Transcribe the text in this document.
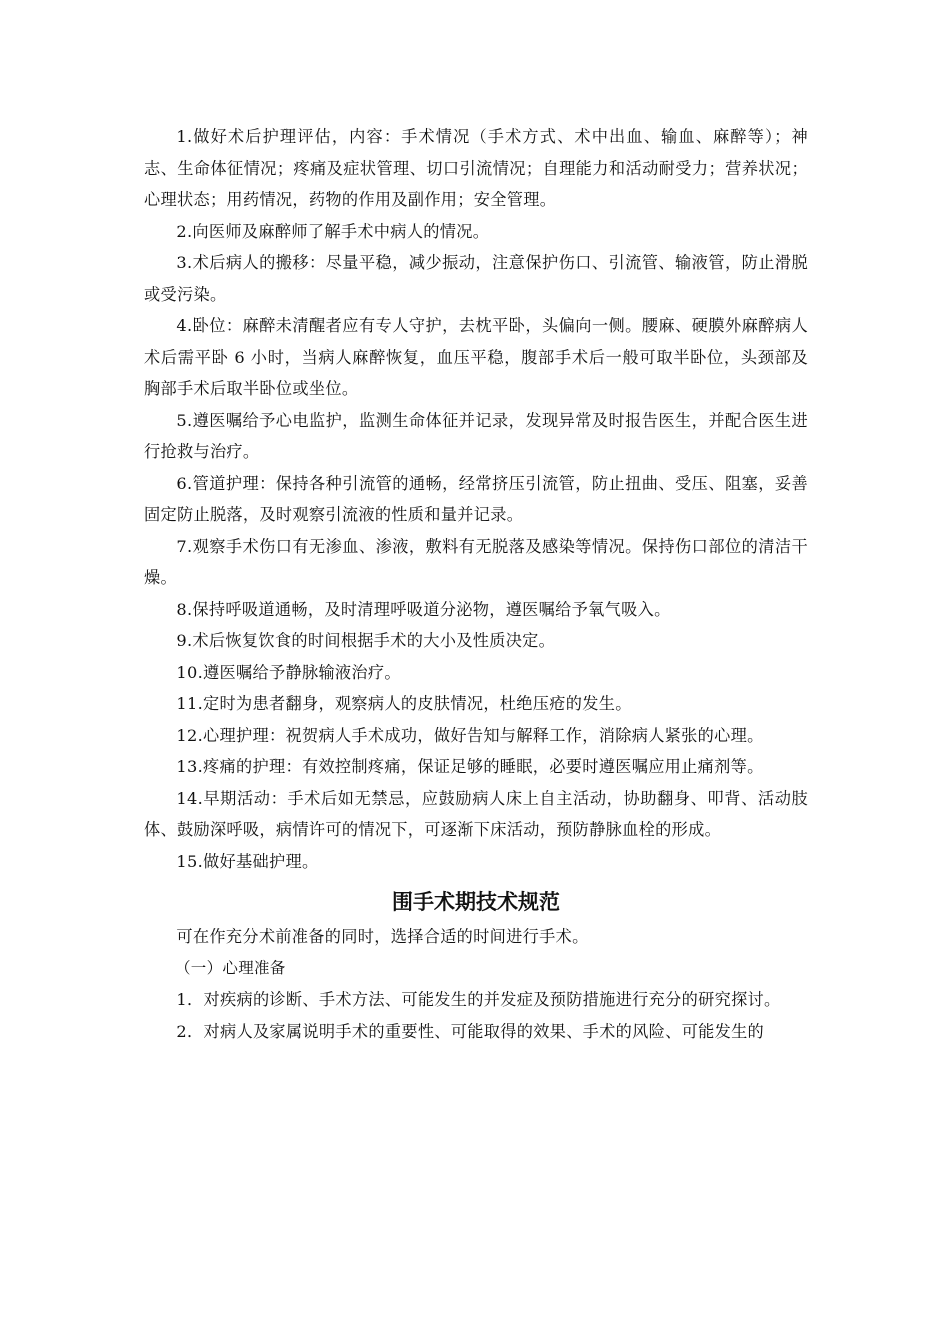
1.做好术后护理评估，内容：手术情况（手术方式、术中出血、输血、麻醉等）；神志、生命体征情况；疼痛及症状管理、切口引流情况；自理能力和活动耐受力；营养状况；心理状态；用药情况，药物的作用及副作用；安全管理。

2.向医师及麻醉师了解手术中病人的情况。

3.术后病人的搬移：尽量平稳，减少振动，注意保护伤口、引流管、输液管，防止滑脱或受污染。

4.卧位：麻醉未清醒者应有专人守护，去枕平卧，头偏向一侧。腰麻、硬膜外麻醉病人术后需平卧 6 小时，当病人麻醉恢复，血压平稳，腹部手术后一般可取半卧位，头颈部及胸部手术后取半卧位或坐位。

5.遵医嘱给予心电监护，监测生命体征并记录，发现异常及时报告医生，并配合医生进行抢救与治疗。

6.管道护理：保持各种引流管的通畅，经常挤压引流管，防止扭曲、受压、阻塞，妥善固定防止脱落，及时观察引流液的性质和量并记录。

7.观察手术伤口有无渗血、渗液，敷料有无脱落及感染等情况。保持伤口部位的清洁干燥。

8.保持呼吸道通畅，及时清理呼吸道分泌物，遵医嘱给予氧气吸入。

9.术后恢复饮食的时间根据手术的大小及性质决定。

10.遵医嘱给予静脉输液治疗。

11.定时为患者翻身，观察病人的皮肤情况，杜绝压疮的发生。

12.心理护理：祝贺病人手术成功，做好告知与解释工作，消除病人紧张的心理。

13.疼痛的护理：有效控制疼痛，保证足够的睡眠，必要时遵医嘱应用止痛剂等。

14.早期活动：手术后如无禁忌，应鼓励病人床上自主活动，协助翻身、叩背、活动肢体、鼓励深呼吸，病情许可的情况下，可逐渐下床活动，预防静脉血栓的形成。

15.做好基础护理。

围手术期技术规范

可在作充分术前准备的同时，选择合适的时间进行手术。

（一）心理准备

1．对疾病的诊断、手术方法、可能发生的并发症及预防措施进行充分的研究探讨。

2．对病人及家属说明手术的重要性、可能取得的效果、手术的风险、可能发生的
